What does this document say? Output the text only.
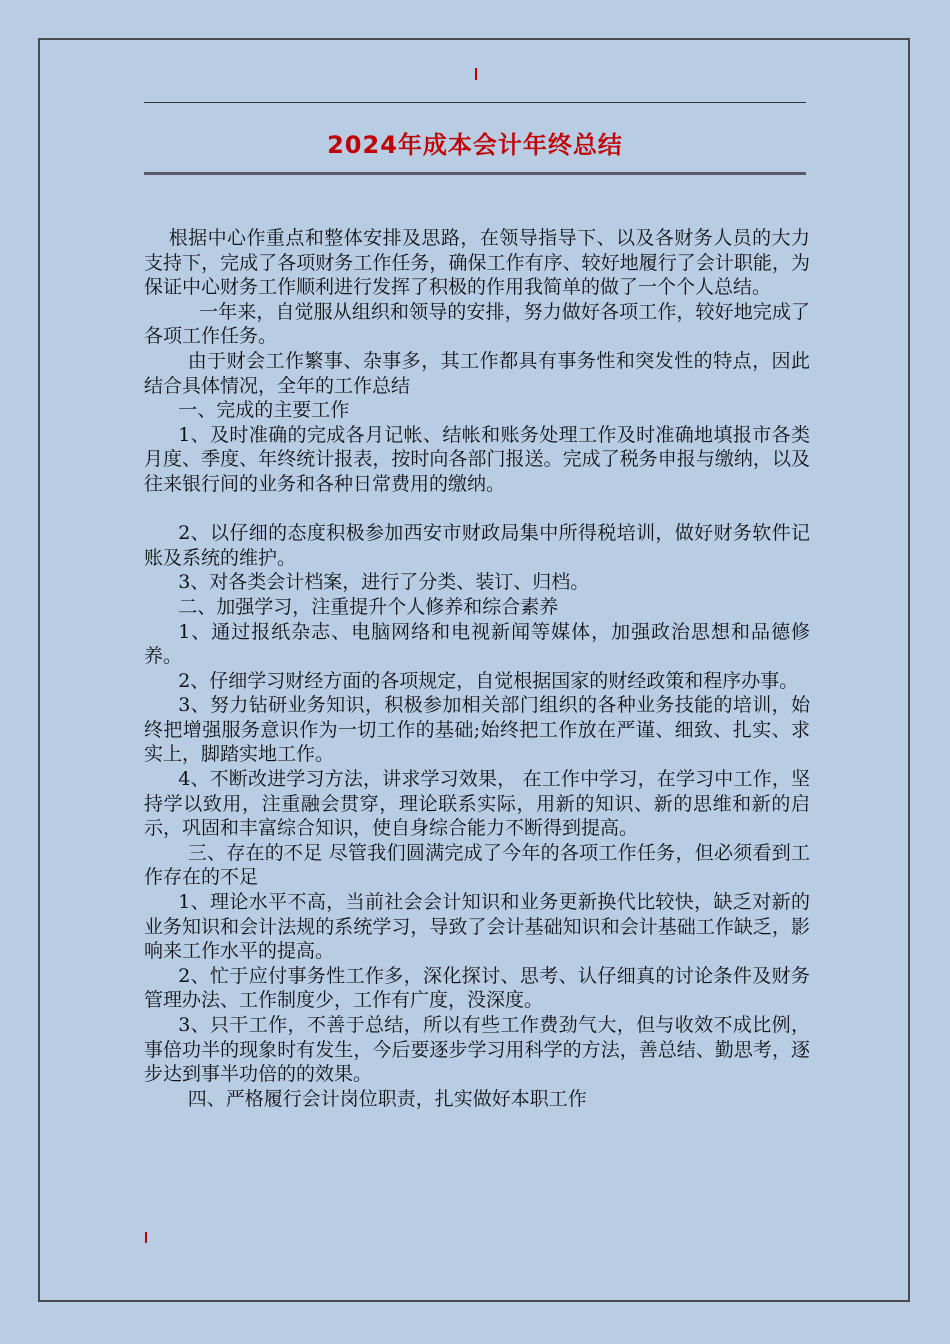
2024年成本会计年终总结

根据中心作重点和整体安排及思路，在领导指导下、以及各财务人员的大力支持下，完成了各项财务工作任务，确保工作有序、较好地履行了会计职能，为保证中心财务工作顺利进行发挥了积极的作用我简单的做了一个个人总结。

一年来，自觉服从组织和领导的安排，努力做好各项工作，较好地完成了各项工作任务。

由于财会工作繁事、杂事多，其工作都具有事务性和突发性的特点，因此结合具体情况，全年的工作总结

一、完成的主要工作

1、及时准确的完成各月记帐、结帐和账务处理工作及时准确地填报市各类月度、季度、年终统计报表，按时向各部门报送。完成了税务申报与缴纳，以及往来银行间的业务和各种日常费用的缴纳。

2、以仔细的态度积极参加西安市财政局集中所得税培训，做好财务软件记账及系统的维护。

3、对各类会计档案，进行了分类、装订、归档。

二、加强学习，注重提升个人修养和综合素养

1、通过报纸杂志、电脑网络和电视新闻等媒体，加强政治思想和品德修养。

2、仔细学习财经方面的各项规定，自觉根据国家的财经政策和程序办事。

3、努力钻研业务知识，积极参加相关部门组织的各种业务技能的培训，始终把增强服务意识作为一切工作的基础;始终把工作放在严谨、细致、扎实、求实上，脚踏实地工作。

4、不断改进学习方法，讲求学习效果， 在工作中学习，在学习中工作，坚持学以致用，注重融会贯穿，理论联系实际，用新的知识、新的思维和新的启示，巩固和丰富综合知识，使自身综合能力不断得到提高。

三、存在的不足 尽管我们圆满完成了今年的各项工作任务，但必须看到工作存在的不足

1、理论水平不高，当前社会会计知识和业务更新换代比较快，缺乏对新的业务知识和会计法规的系统学习，导致了会计基础知识和会计基础工作缺乏，影响来工作水平的提高。

2、忙于应付事务性工作多，深化探讨、思考、认仔细真的讨论条件及财务管理办法、工作制度少，工作有广度，没深度。

3、只干工作，不善于总结，所以有些工作费劲气大，但与收效不成比例，事倍功半的现象时有发生，今后要逐步学习用科学的方法，善总结、勤思考，逐步达到事半功倍的的效果。

四、严格履行会计岗位职责，扎实做好本职工作
